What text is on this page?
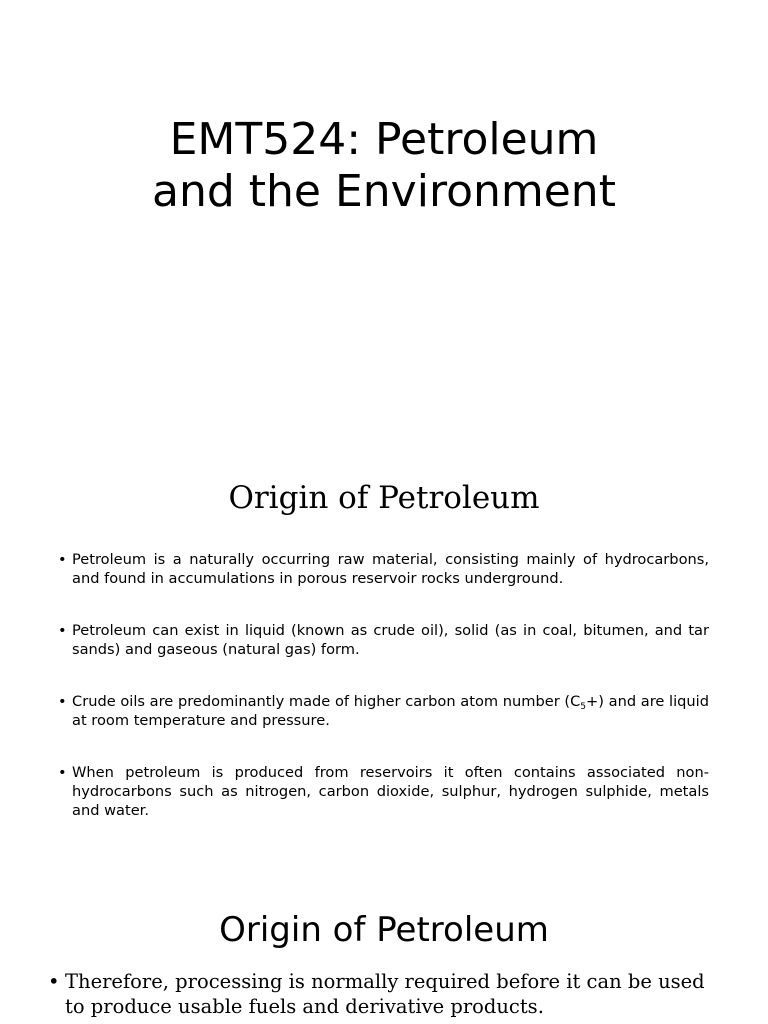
EMT524: Petroleum
and the Environment
Origin of Petroleum
• Petroleum is a naturally occurring raw material, consisting mainly of hydrocarbons, and found in accumulations in porous reservoir rocks underground.
• Petroleum can exist in liquid (known as crude oil), solid (as in coal, bitumen, and tar sands) and gaseous (natural gas) form.
• Crude oils are predominantly made of higher carbon atom number $(C_5+)$ and are liquid at room temperature and pressure.
• When petroleum is produced from reservoirs it often contains associated non-hydrocarbons such as nitrogen, carbon dioxide, sulphur, hydrogen sulphide, metals and water.
Origin of Petroleum
• Therefore, processing is normally required before it can be used to produce usable fuels and derivative products.
